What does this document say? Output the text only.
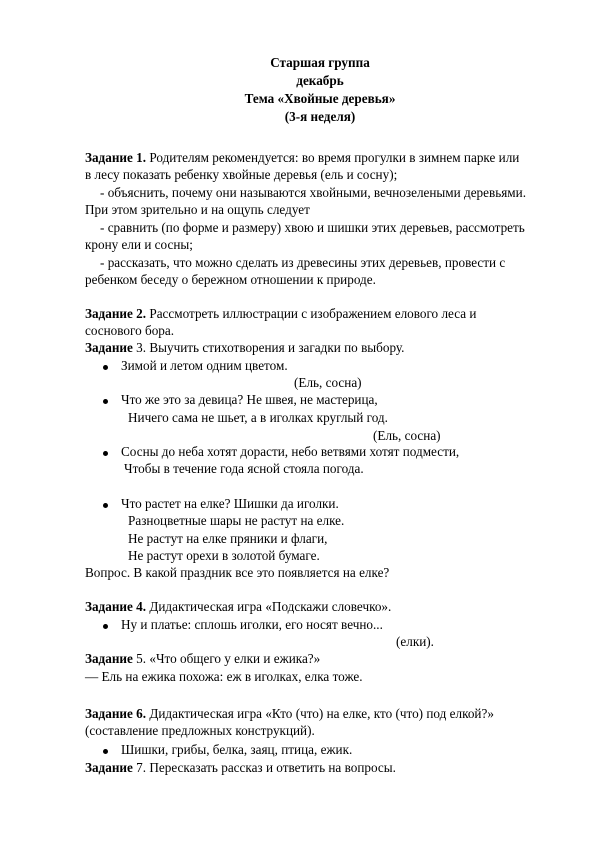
Старшая группа
декабрь
Тема «Хвойные деревья»
(3-я неделя)
Задание 1. Родителям рекомендуется: во время прогулки в зимнем парке или
в лесу показать ребенку хвойные деревья (ель и сосну);
- объяснить, почему они называются хвойными, вечнозелеными деревьями.
При этом зрительно и на ощупь следует
- сравнить (по форме и размеру) хвою и шишки этих деревьев, рассмотреть
крону ели и сосны;
- рассказать, что можно сделать из древесины этих деревьев, провести с
ребенком беседу о бережном отношении к природе.
Задание 2. Рассмотреть иллюстрации с изображением елового леса и
соснового бора.
Задание 3. Выучить стихотворения и загадки по выбору.
Зимой и летом одним цветом.
(Ель, сосна)
Что же это за девица? Не швея, не мастерица,
Ничего сама не шьет, а в иголках круглый год.
(Ель, сосна)
Сосны до неба хотят дорасти, небо ветвями хотят подмести,
Чтобы в течение года ясной стояла погода.
Что растет на елке? Шишки да иголки.
Разноцветные шары не растут на елке.
Не растут на елке пряники и флаги,
Не растут орехи в золотой бумаге.
Вопрос. В какой праздник все это появляется на елке?
Задание 4. Дидактическая игра «Подскажи словечко».
Ну и платье: сплошь иголки, его носят вечно...
(елки).
Задание 5. «Что общего у елки и ежика?»
— Ель на ежика похожа: еж в иголках, елка тоже.
Задание 6. Дидактическая игра «Кто (что) на елке, кто (что) под елкой?»
(составление предложных конструкций).
Шишки, грибы, белка, заяц, птица, ежик.
Задание 7. Пересказать рассказ и ответить на вопросы.
